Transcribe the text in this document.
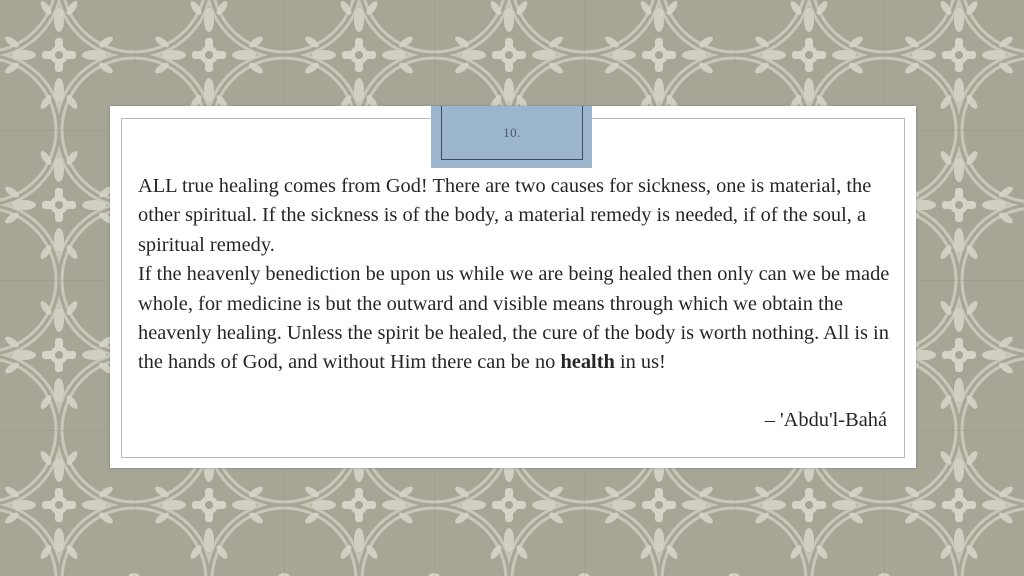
10.

ALL true healing comes from God! There are two causes for sickness, one is material, the other spiritual. If the sickness is of the body, a material remedy is needed, if of the soul, a spiritual remedy.

If the heavenly benediction be upon us while we are being healed then only can we be made whole, for medicine is but the outward and visible means through which we obtain the heavenly healing. Unless the spirit be healed, the cure of the body is worth nothing. All is in the hands of God, and without Him there can be no health in us!

– 'Abdu'l-Bahá
